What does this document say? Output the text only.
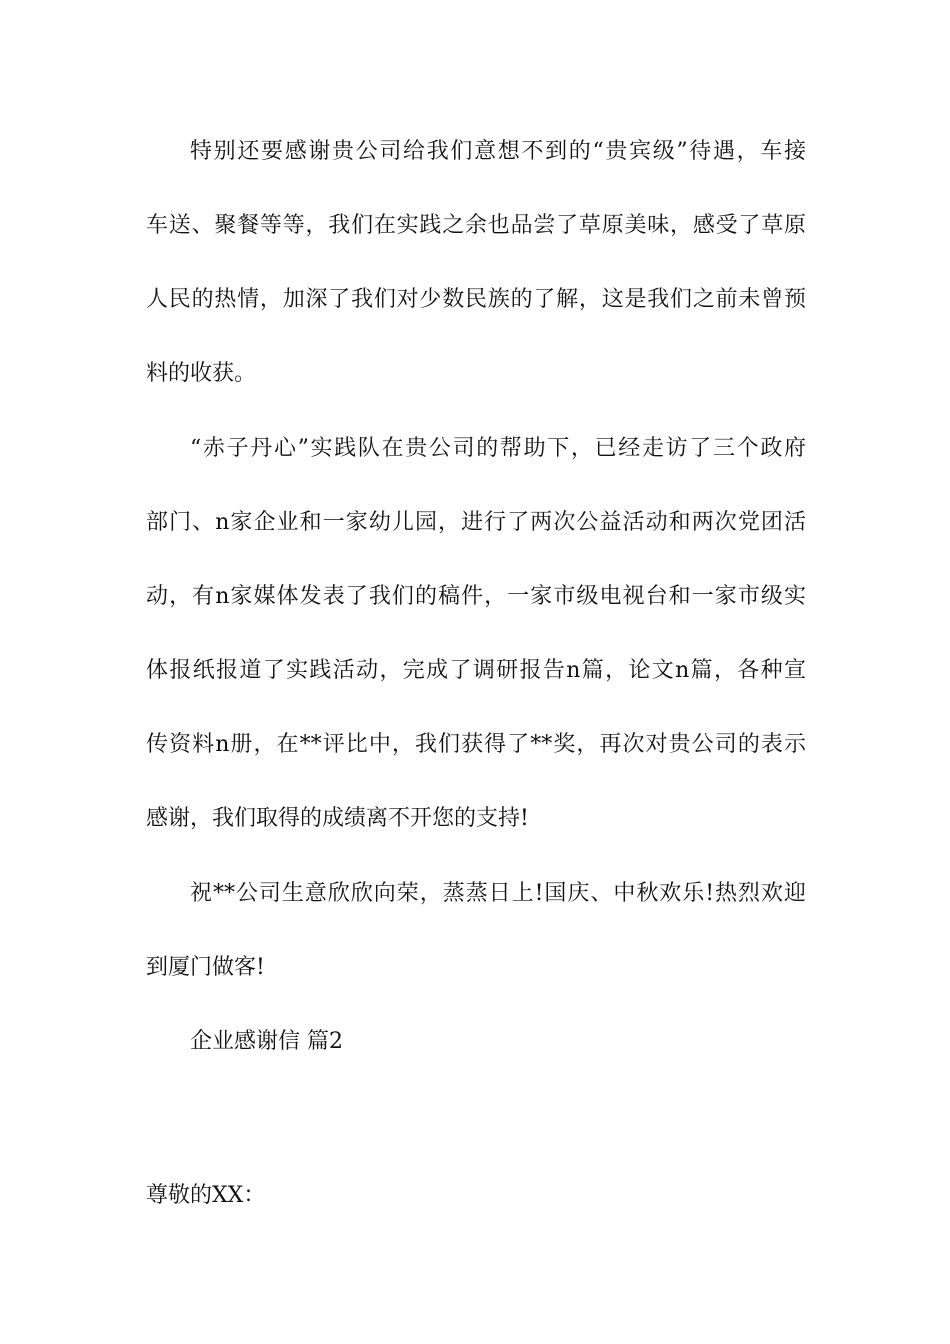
特别还要感谢贵公司给我们意想不到的“贵宾级”待遇，车接
车送、聚餐等等，我们在实践之余也品尝了草原美味，感受了草原
人民的热情，加深了我们对少数民族的了解，这是我们之前未曾预
料的收获。
“赤子丹心”实践队在贵公司的帮助下，已经走访了三个政府
部门、n家企业和一家幼儿园，进行了两次公益活动和两次党团活
动，有n家媒体发表了我们的稿件，一家市级电视台和一家市级实
体报纸报道了实践活动，完成了调研报告n篇，论文n篇，各种宣
传资料n册，在**评比中，我们获得了**奖，再次对贵公司的表示
感谢，我们取得的成绩离不开您的支持!
祝**公司生意欣欣向荣，蒸蒸日上!国庆、中秋欢乐!热烈欢迎
到厦门做客!
企业感谢信 篇2
尊敬的XX：
